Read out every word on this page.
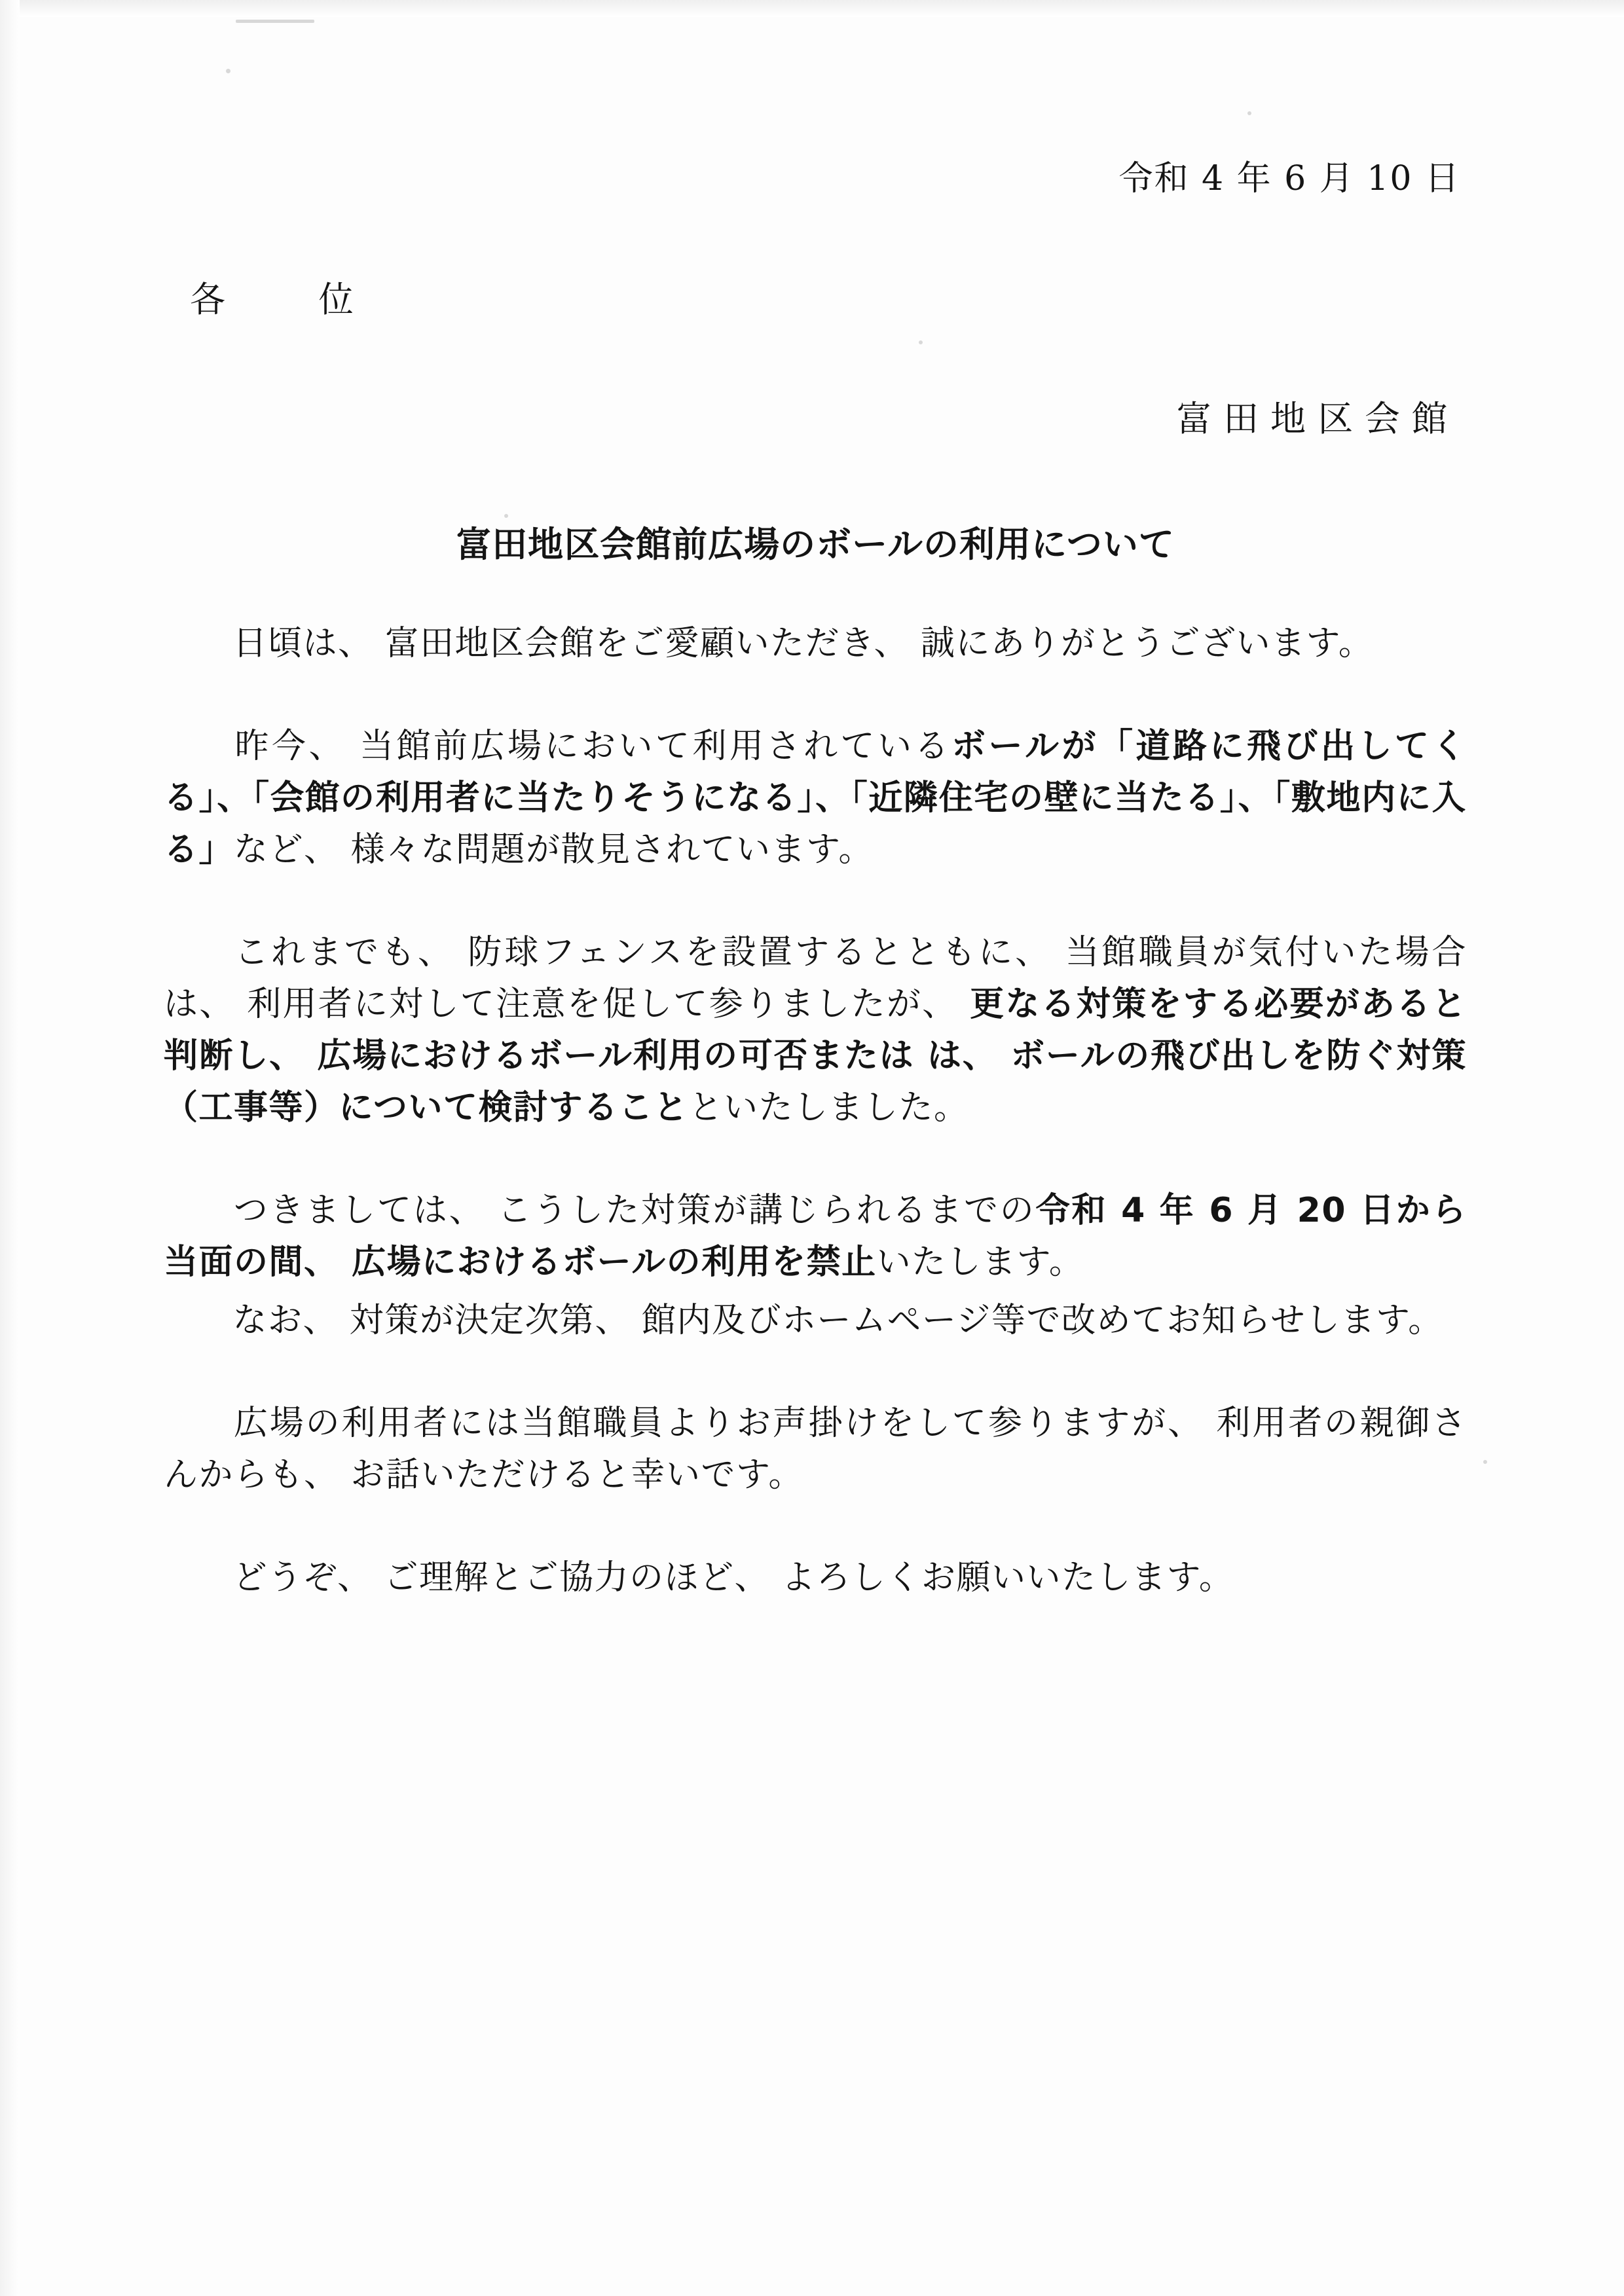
令和 4 年 6 月 10 日
各　位
富田地区会館
富田地区会館前広場のボールの利用について
　日頃は、 富田地区会館をご愛顧いただき、 誠にありがとうございます。
　昨今、 当館前広場において利用されているボールが「道路に飛び出してくる」、「会館の利用者に当たりそうになる」、「近隣住宅の壁に当たる」、「敷地内に入る」など、 様々な問題が散見されています。
　これまでも、 防球フェンスを設置するとともに、 当館職員が気付いた場合は、 利用者に対して注意を促して参りましたが、 更なる対策をする必要があると判断し、 広場におけるボール利用の可否または は、 ボールの飛び出しを防ぐ対策（工事等）について検討することといたしました。
　つきましては、 こうした対策が講じられるまでの令和 4 年 6 月 20 日から当面の間、 広場におけるボールの利用を禁止いたします。
　なお、 対策が決定次第、 館内及びホームページ等で改めてお知らせします。
　広場の利用者には当館職員よりお声掛けをして参りますが、 利用者の親御さんからも、 お話いただけると幸いです。
　どうぞ、 ご理解とご協力のほど、 よろしくお願いいたします。
